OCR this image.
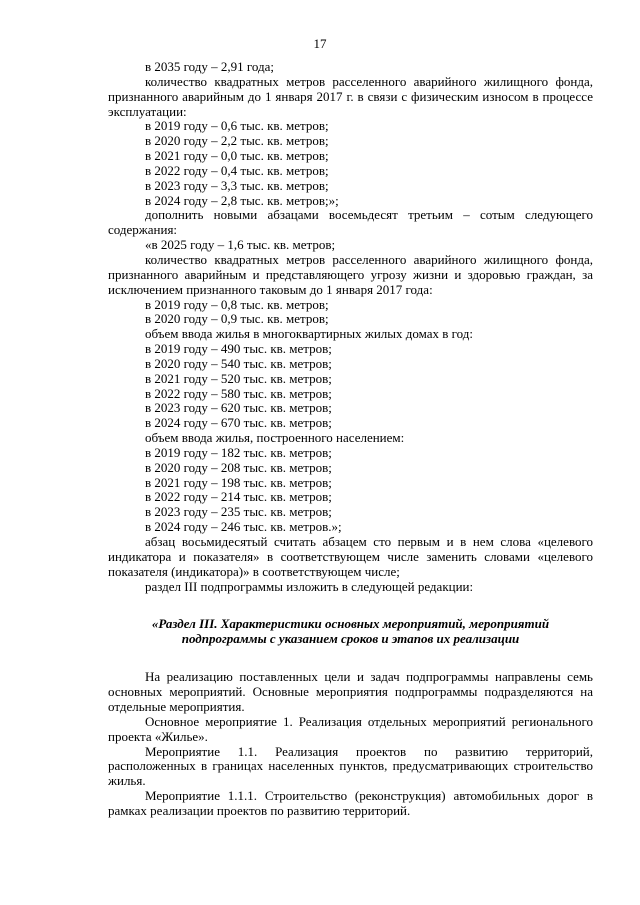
17

в 2035 году – 2,91 года;

количество квадратных метров расселенного аварийного жилищного фонда, признанного аварийным до 1 января 2017 г. в связи с физическим износом в процессе эксплуатации:

в 2019 году – 0,6 тыс. кв. метров;

в 2020 году – 2,2 тыс. кв. метров;

в 2021 году – 0,0 тыс. кв. метров;

в 2022 году – 0,4 тыс. кв. метров;

в 2023 году – 3,3 тыс. кв. метров;

в 2024 году – 2,8 тыс. кв. метров;»;

дополнить новыми абзацами восемьдесят третьим – сотым следующего содержания:

«в 2025 году – 1,6 тыс. кв. метров;

количество квадратных метров расселенного аварийного жилищного фонда, признанного аварийным и представляющего угрозу жизни и здоровью граждан, за исключением признанного таковым до 1 января 2017 года:

в 2019 году – 0,8 тыс. кв. метров;

в 2020 году – 0,9 тыс. кв. метров;

объем ввода жилья в многоквартирных жилых домах в год:

в 2019 году – 490 тыс. кв. метров;

в 2020 году – 540 тыс. кв. метров;

в 2021 году – 520 тыс. кв. метров;

в 2022 году – 580 тыс. кв. метров;

в 2023 году – 620 тыс. кв. метров;

в 2024 году – 670 тыс. кв. метров;

объем ввода жилья, построенного населением:

в 2019 году – 182 тыс. кв. метров;

в 2020 году – 208 тыс. кв. метров;

в 2021 году – 198 тыс. кв. метров;

в 2022 году – 214 тыс. кв. метров;

в 2023 году – 235 тыс. кв. метров;

в 2024 году – 246 тыс. кв. метров.»;

абзац восьмидесятый считать абзацем сто первым и в нем слова «целевого индикатора и показателя» в соответствующем числе заменить словами «целевого показателя (индикатора)» в соответствующем числе;

раздел III подпрограммы изложить в следующей редакции:

«Раздел III. Характеристики основных мероприятий, мероприятий
подпрограммы с указанием сроков и этапов их реализации

На реализацию поставленных цели и задач подпрограммы направлены семь основных мероприятий. Основные мероприятия подпрограммы подразделяются на отдельные мероприятия.

Основное мероприятие 1. Реализация отдельных мероприятий регионального проекта «Жилье».

Мероприятие 1.1. Реализация проектов по развитию территорий, расположенных в границах населенных пунктов, предусматривающих строительство жилья.

Мероприятие 1.1.1. Строительство (реконструкция) автомобильных дорог в рамках реализации проектов по развитию территорий.
